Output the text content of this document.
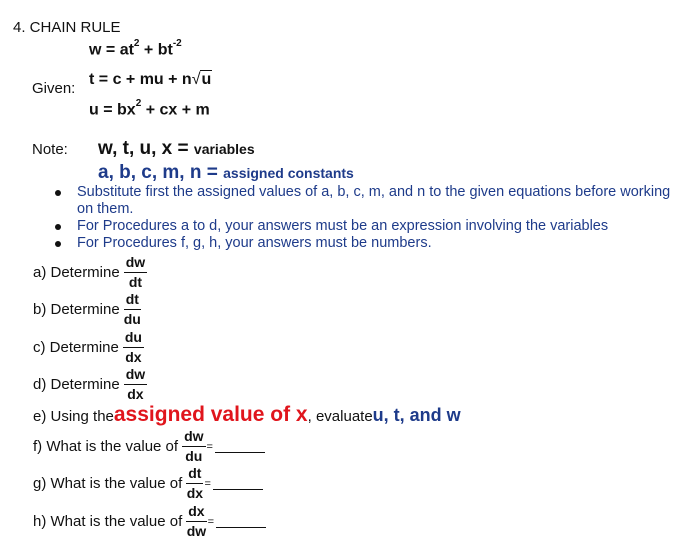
4. CHAIN RULE
$w = at^2 + bt^{-2}$
Given:
t = c + mu + n√u
$u = bx^2$ + cx + m
Note: w, t, u, x = variables
a, b, c, m, n = assigned constants
Substitute first the assigned values of a, b, c, m, and n to the given equations before working on them.
For Procedures a to d, your answers must be an expression involving the variables
For Procedures f, g, h, your answers must be numbers.
a) Determine $\frac{dw}{dt}$
b) Determine $\frac{dt}{du}$
c) Determine $\frac{du}{dx}$
d) Determine $\frac{dw}{dx}$
e) Using the assigned value of x , evaluate u, t, and w
f) What is the value of $\frac{dw}{du}$ =
g) What is the value of $\frac{dt}{dx}$ =
h) What is the value of $\frac{dx}{dw}$ =
